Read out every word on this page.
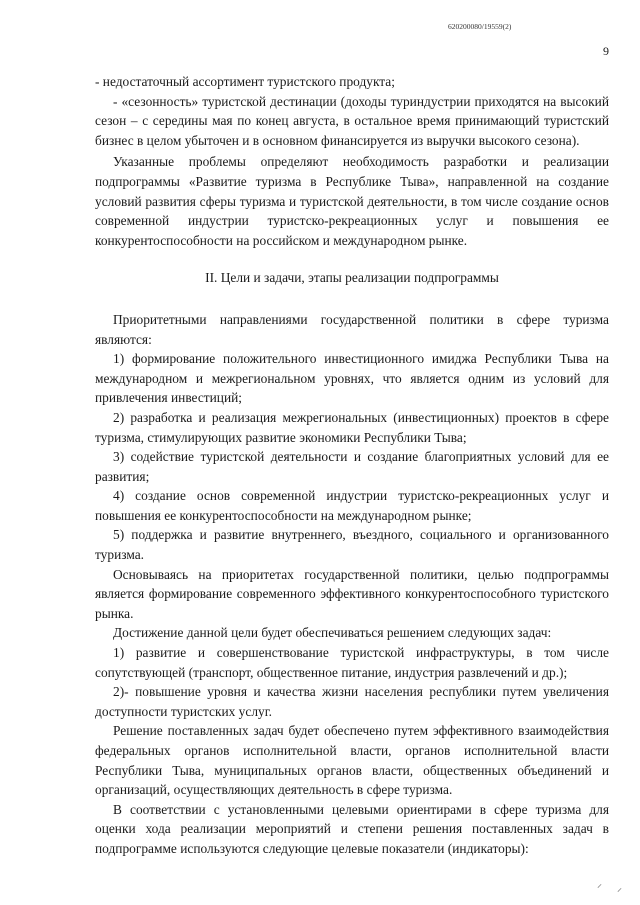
620200080/19559(2)
9

- недостаточный ассортимент туристского продукта;

- «сезонность» туристской дестинации (доходы туриндустрии приходятся на высокий сезон – с середины мая по конец августа, в остальное время принимающий туристский бизнес в целом убыточен и в основном финансируется из выручки высокого сезона).

Указанные проблемы определяют необходимость разработки и реализации подпрограммы «Развитие туризма в Республике Тыва», направленной на создание условий развития сферы туризма и туристской деятельности, в том числе создание основ современной индустрии туристско-рекреационных услуг и повышения ее конкурентоспособности на российском и международном рынке.

II. Цели и задачи, этапы реализации подпрограммы

Приоритетными направлениями государственной политики в сфере туризма являются:

1) формирование положительного инвестиционного имиджа Республики Тыва на международном и межрегиональном уровнях, что является одним из условий для привлечения инвестиций;

2) разработка и реализация межрегиональных (инвестиционных) проектов в сфере туризма, стимулирующих развитие экономики Республики Тыва;

3) содействие туристской деятельности и создание благоприятных условий для ее развития;

4) создание основ современной индустрии туристско-рекреационных услуг и повышения ее конкурентоспособности на международном рынке;

5) поддержка и развитие внутреннего, въездного, социального и организованного туризма.

Основываясь на приоритетах государственной политики, целью подпрограммы является формирование современного эффективного конкурентоспособного туристского рынка.

Достижение данной цели будет обеспечиваться решением следующих задач:

1) развитие и совершенствование туристской инфраструктуры, в том числе сопутствующей (транспорт, общественное питание, индустрия развлечений и др.);

2)- повышение уровня и качества жизни населения республики путем увеличения доступности туристских услуг.

Решение поставленных задач будет обеспечено путем эффективного взаимодействия федеральных органов исполнительной власти, органов исполнительной власти Республики Тыва, муниципальных органов власти, общественных объединений и организаций, осуществляющих деятельность в сфере туризма.

В соответствии с установленными целевыми ориентирами в сфере туризма для оценки хода реализации мероприятий и степени решения поставленных задач в подпрограмме используются следующие целевые показатели (индикаторы):

⸝ ⸝
